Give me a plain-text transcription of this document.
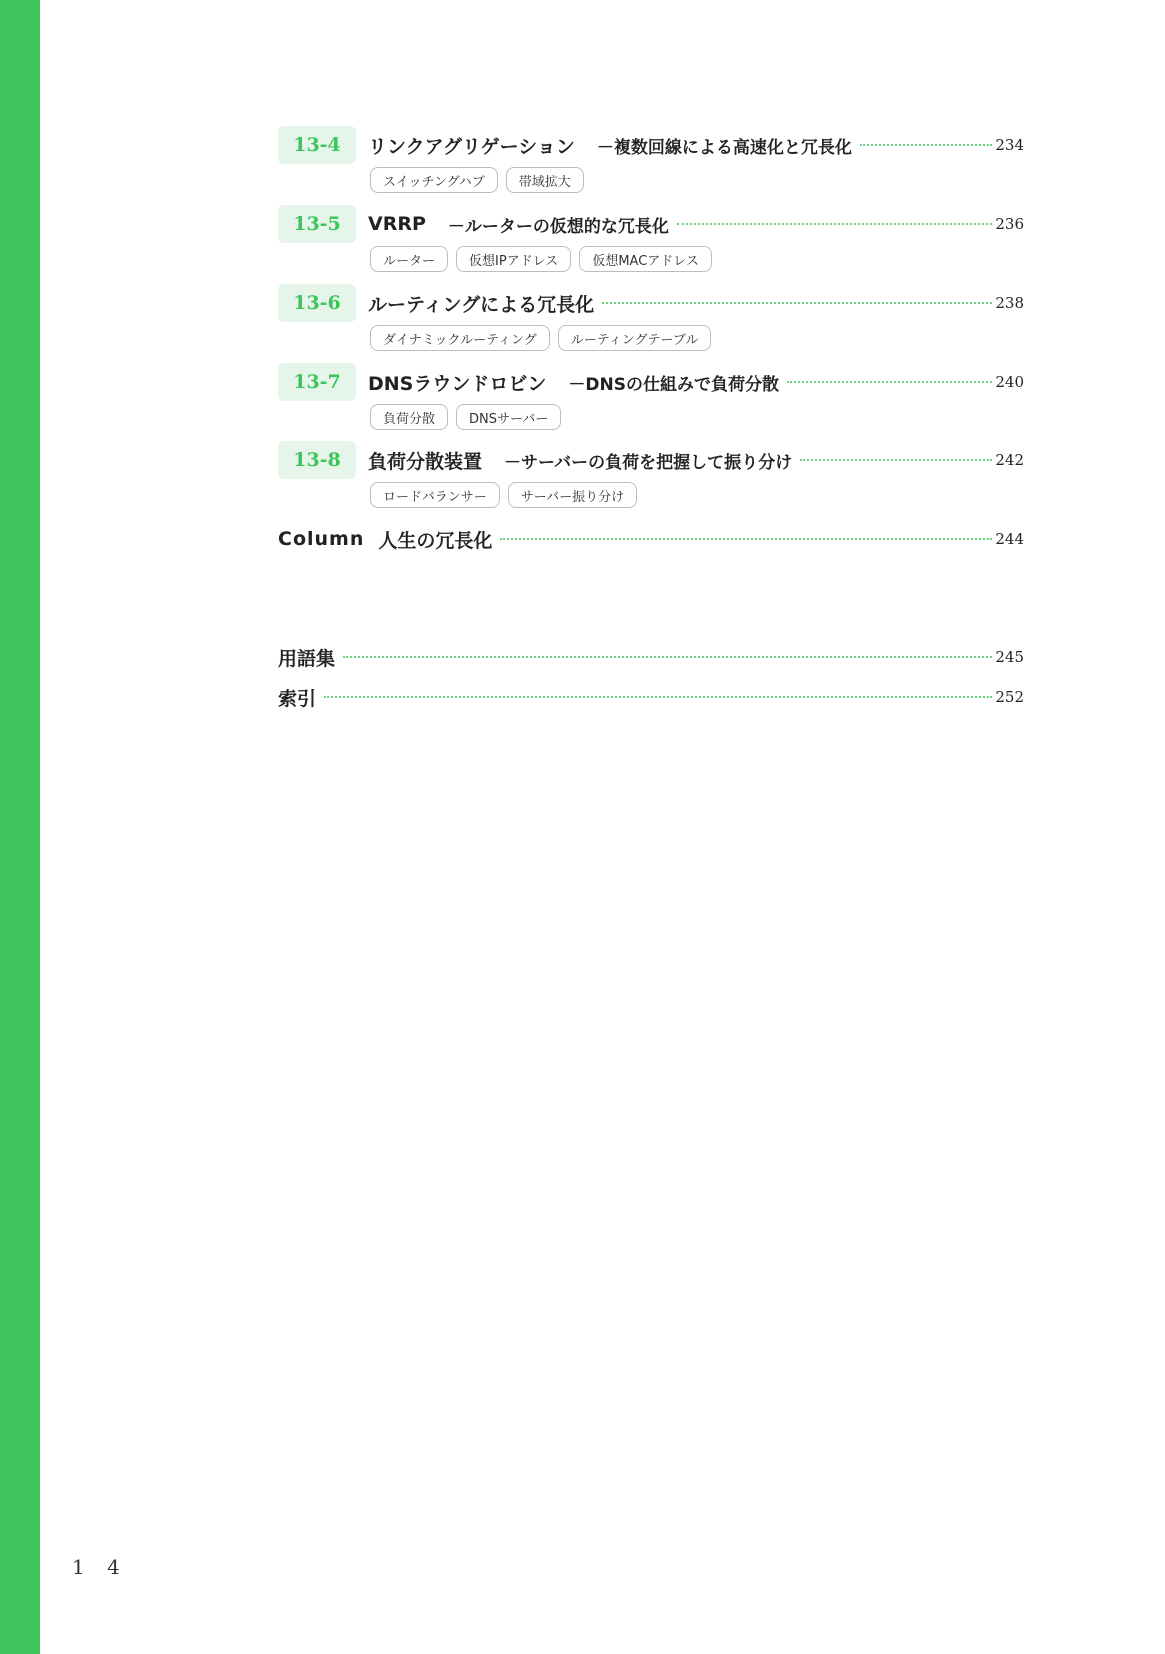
13-4	リンクアグリゲーション －複数回線による高速化と冗長化	234
スイッチングハブ	帯域拡大
13-5	VRRP －ルーターの仮想的な冗長化	236
ルーター	仮想IPアドレス	仮想MACアドレス
13-6	ルーティングによる冗長化	238
ダイナミックルーティング	ルーティングテーブル
13-7	DNSラウンドロビン －DNSの仕組みで負荷分散	240
負荷分散	DNSサーバー
13-8	負荷分散装置 －サーバーの負荷を把握して振り分け	242
ロードバランサー	サーバー振り分け
Column 人生の冗長化	244
用語集	245
索引	252
1 4
